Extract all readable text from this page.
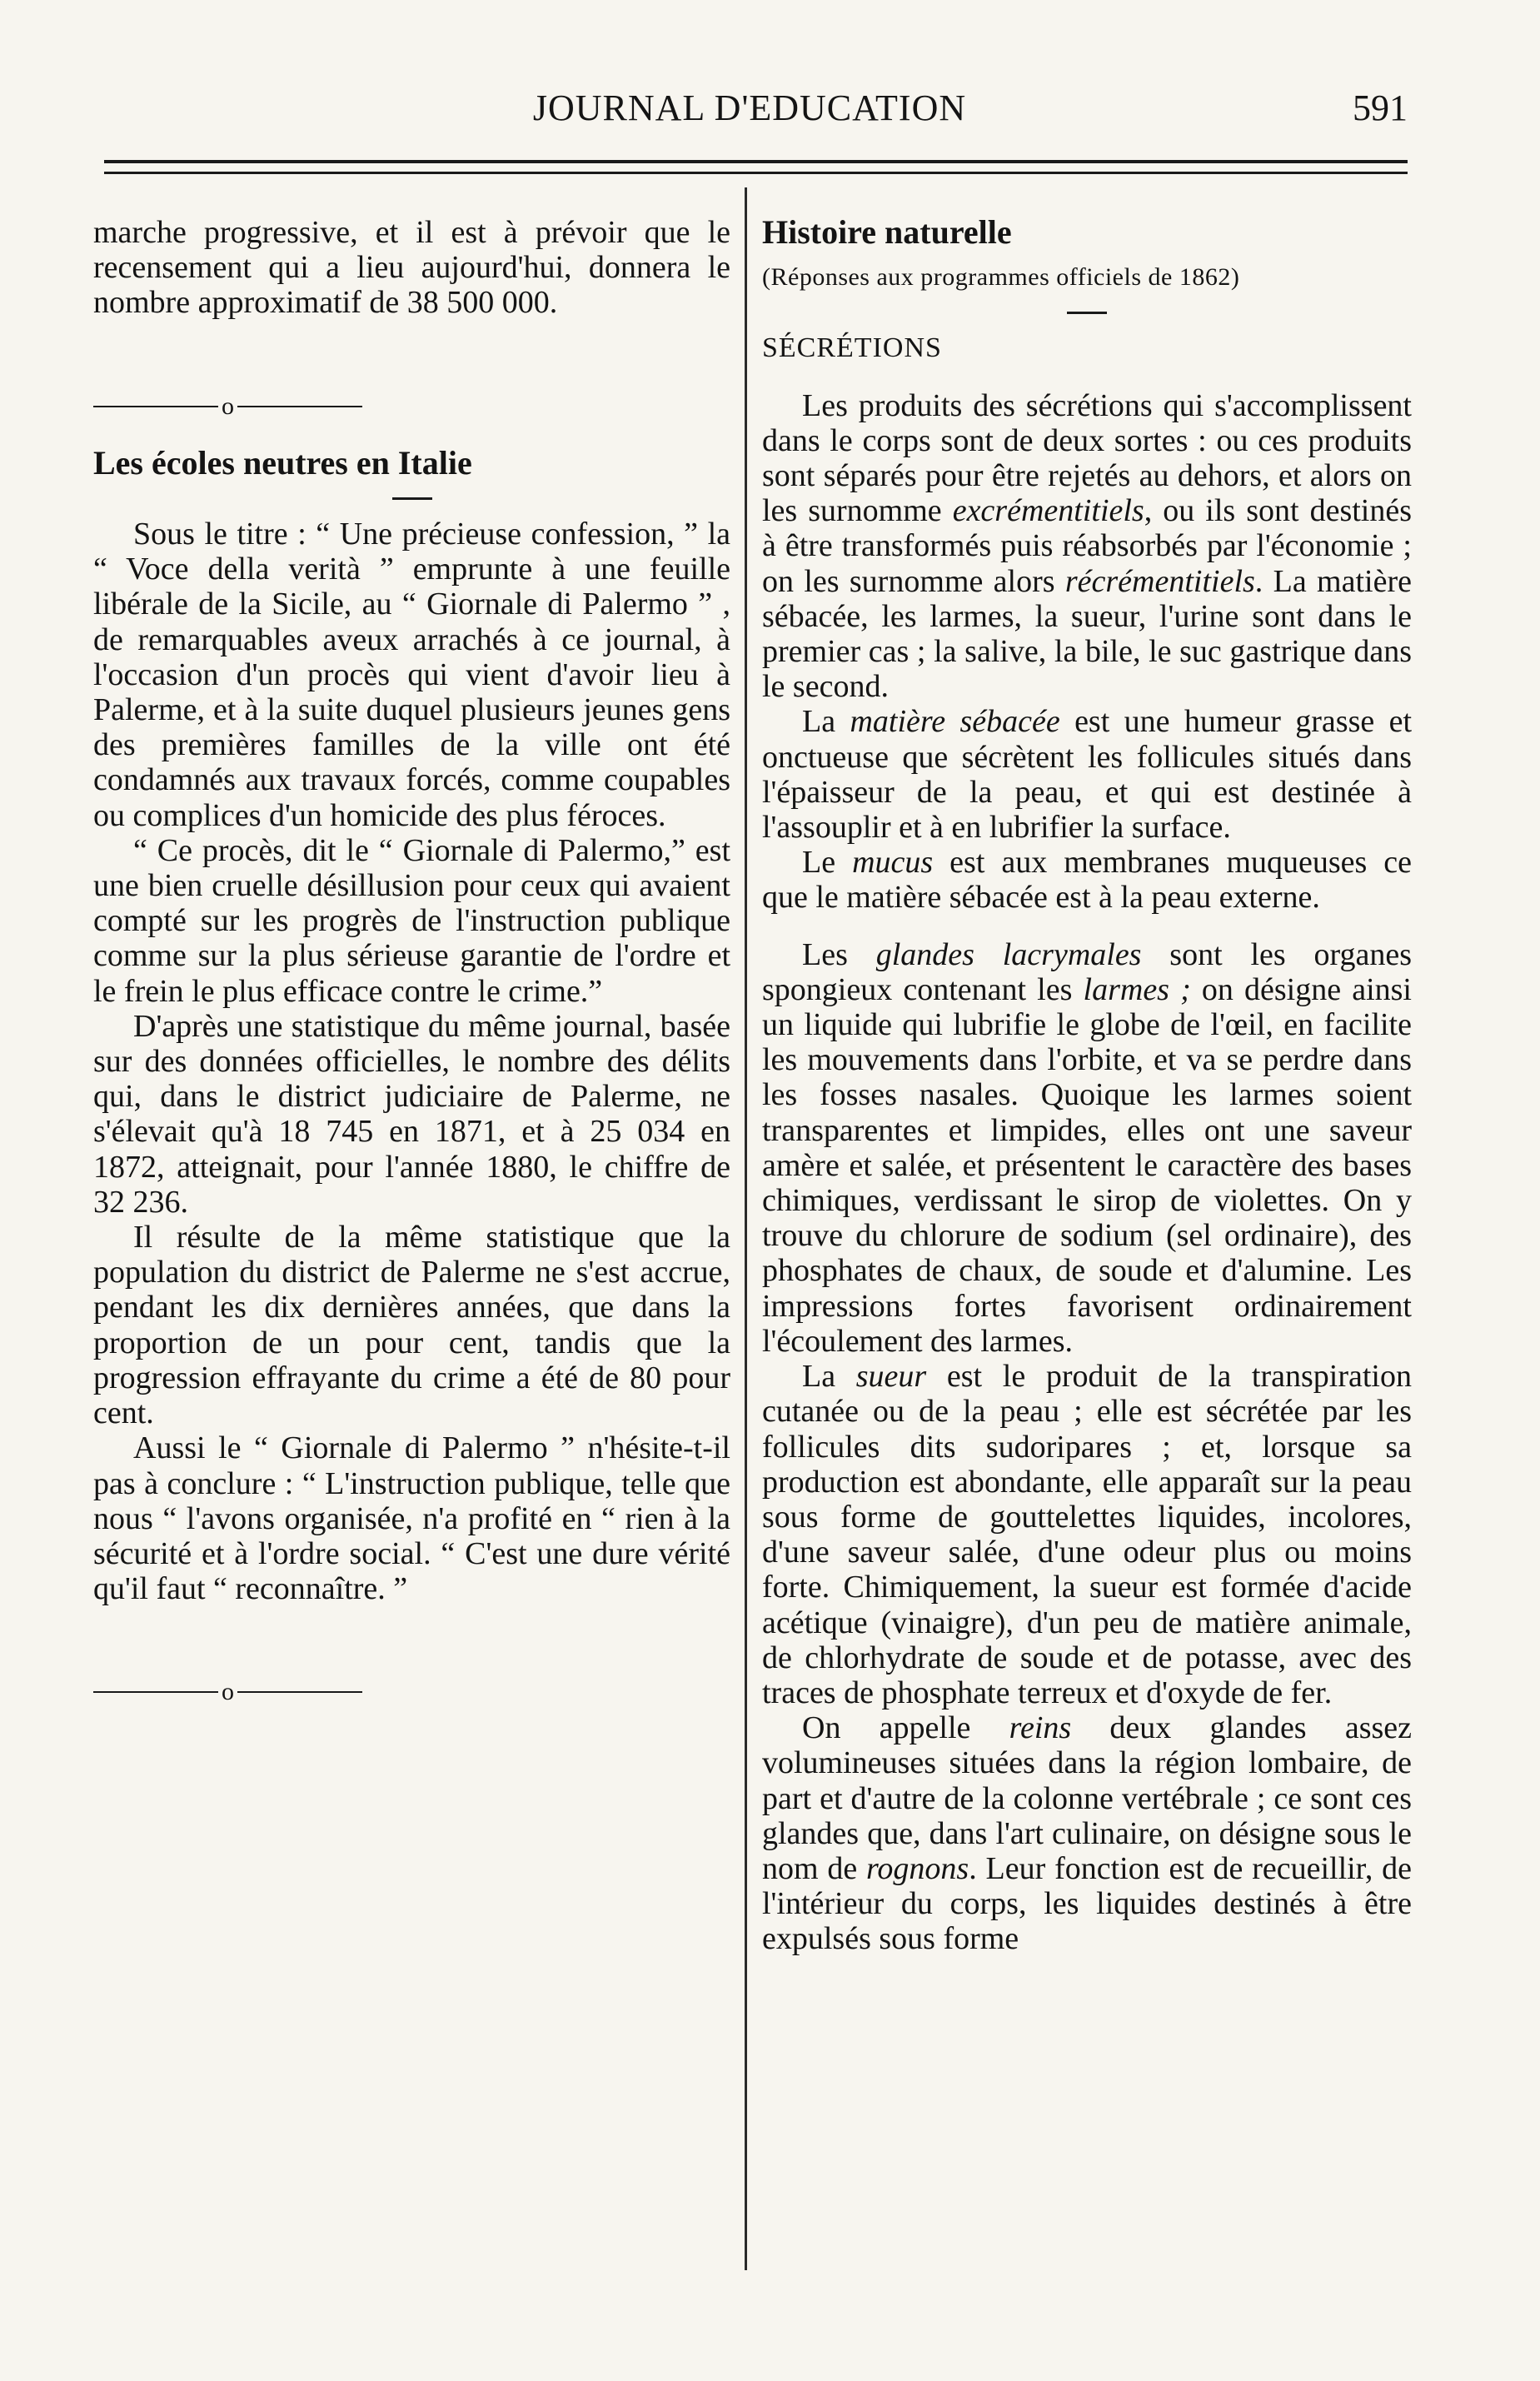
JOURNAL D'EDUCATION	591

marche progressive, et il est à prévoir que le recensement qui a lieu aujourd'hui, donnera le nombre approximatif de 38 500 000.

o

Les écoles neutres en Italie

Sous le titre : “ Une précieuse confession, ” la “ Voce della verità ” emprunte à une feuille libérale de la Sicile, au “ Giornale di Palermo ” , de remarquables aveux arrachés à ce journal, à l'occasion d'un procès qui vient d'avoir lieu à Palerme, et à la suite duquel plusieurs jeunes gens des premières familles de la ville ont été condamnés aux travaux forcés, comme coupables ou complices d'un homicide des plus féroces.

“ Ce procès, dit le “ Giornale di Palermo,” est une bien cruelle désillusion pour ceux qui avaient compté sur les progrès de l'instruction publique comme sur la plus sérieuse garantie de l'ordre et le frein le plus efficace contre le crime.”

D'après une statistique du même journal, basée sur des données officielles, le nombre des délits qui, dans le district judiciaire de Palerme, ne s'élevait qu'à 18 745 en 1871, et à 25 034 en 1872, atteignait, pour l'année 1880, le chiffre de 32 236.

Il résulte de la même statistique que la population du district de Palerme ne s'est accrue, pendant les dix dernières années, que dans la proportion de un pour cent, tandis que la progression effrayante du crime a été de 80 pour cent.

Aussi le “ Giornale di Palermo ” n'hésite-t-il pas à conclure : “ L'instruction publique, telle que nous “ l'avons organisée, n'a profité en “ rien à la sécurité et à l'ordre social. “ C'est une dure vérité qu'il faut “ reconnaître. ”

o

Histoire naturelle

(Réponses aux programmes officiels de 1862)

SÉCRÉTIONS

Les produits des sécrétions qui s'accomplissent dans le corps sont de deux sortes : ou ces produits sont séparés pour être rejetés au dehors, et alors on les surnomme excrémentitiels, ou ils sont destinés à être transformés puis réabsorbés par l'économie ; on les surnomme alors récrémentitiels. La matière sébacée, les larmes, la sueur, l'urine sont dans le premier cas ; la salive, la bile, le suc gastrique dans le second.

La matière sébacée est une humeur grasse et onctueuse que sécrètent les follicules situés dans l'épaisseur de la peau, et qui est destinée à l'assouplir et à en lubrifier la surface.

Le mucus est aux membranes muqueuses ce que le matière sébacée est à la peau externe.

Les glandes lacrymales sont les organes spongieux contenant les larmes ; on désigne ainsi un liquide qui lubrifie le globe de l'œil, en facilite les mouvements dans l'orbite, et va se perdre dans les fosses nasales. Quoique les larmes soient transparentes et limpides, elles ont une saveur amère et salée, et présentent le caractère des bases chimiques, verdissant le sirop de violettes. On y trouve du chlorure de sodium (sel ordinaire), des phosphates de chaux, de soude et d'alumine. Les impressions fortes favorisent ordinairement l'écoulement des larmes.

La sueur est le produit de la transpiration cutanée ou de la peau ; elle est sécrétée par les follicules dits sudoripares ; et, lorsque sa production est abondante, elle apparaît sur la peau sous forme de gouttelettes liquides, incolores, d'une saveur salée, d'une odeur plus ou moins forte. Chimiquement, la sueur est formée d'acide acétique (vinaigre), d'un peu de matière animale, de chlorhydrate de soude et de potasse, avec des traces de phosphate terreux et d'oxyde de fer.

On appelle reins deux glandes assez volumineuses situées dans la région lombaire, de part et d'autre de la colonne vertébrale ; ce sont ces glandes que, dans l'art culinaire, on désigne sous le nom de rognons. Leur fonction est de recueillir, de l'intérieur du corps, les liquides destinés à être expulsés sous forme
